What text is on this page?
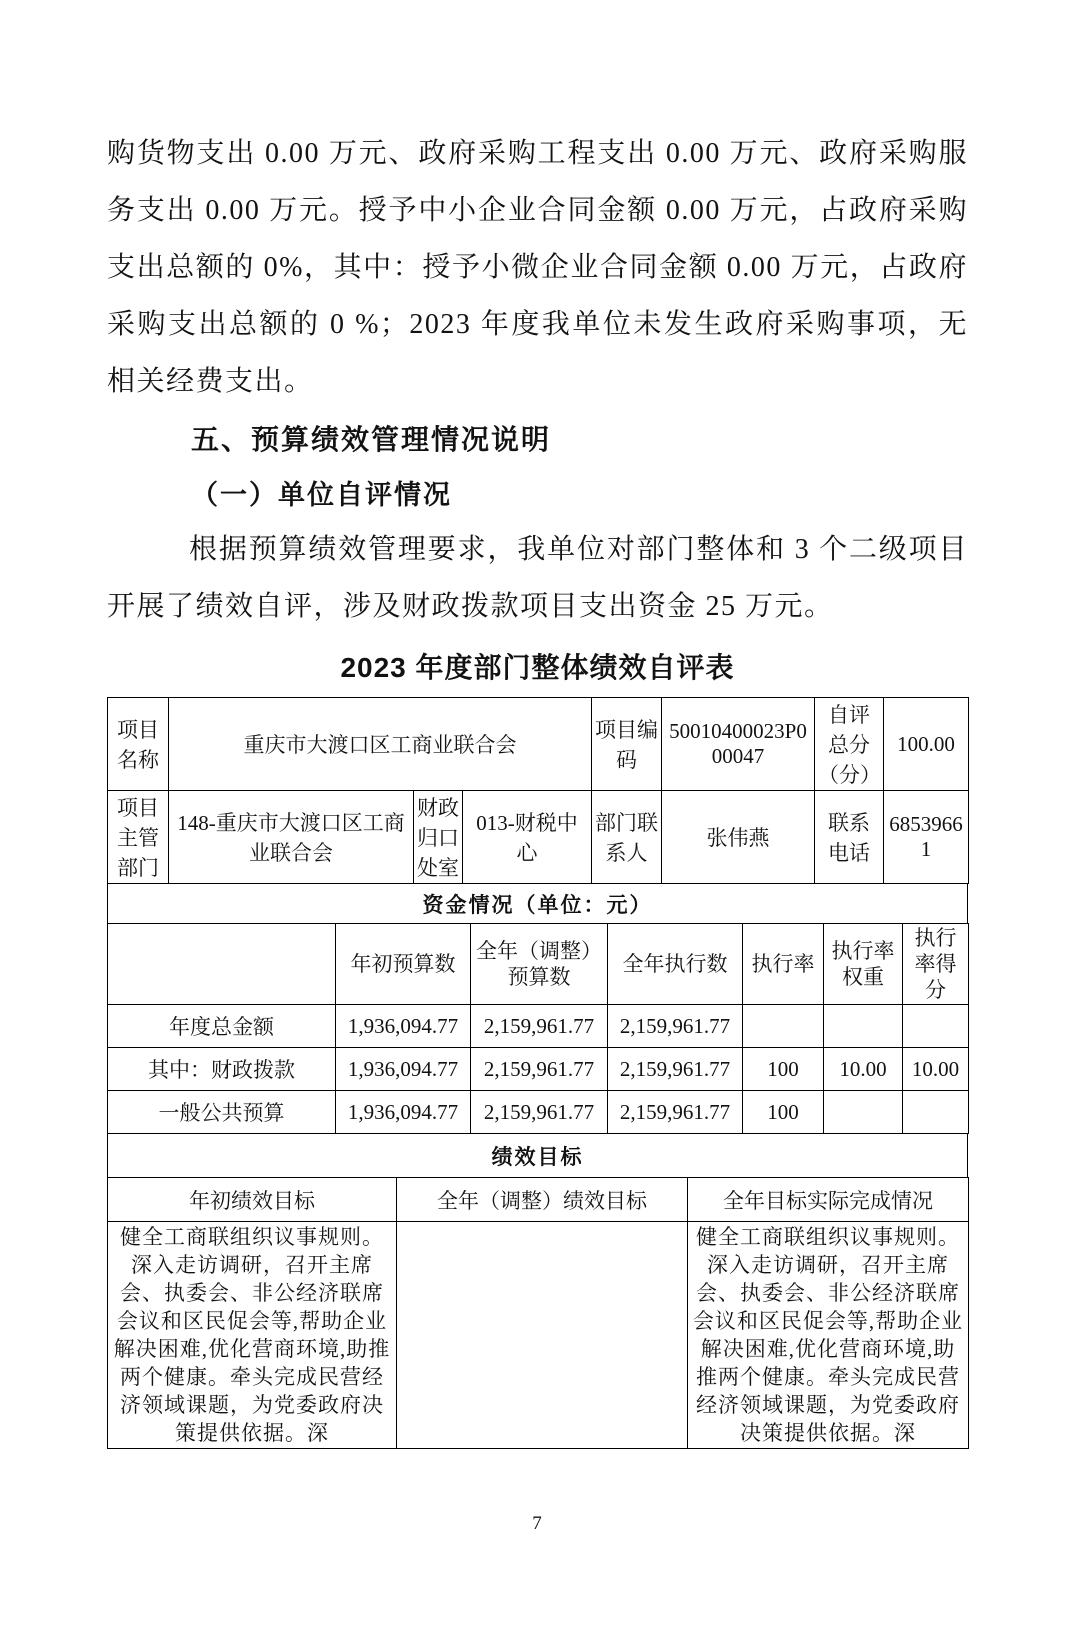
购货物支出 0.00 万元、政府采购工程支出 0.00 万元、政府采购服
务支出 0.00 万元。授予中小企业合同金额 0.00 万元，占政府采购
支出总额的 0%，其中：授予小微企业合同金额 0.00 万元，占政府
采购支出总额的 0 %；2023 年度我单位未发生政府采购事项，无
相关经费支出。
五、预算绩效管理情况说明
（一）单位自评情况
根据预算绩效管理要求，我单位对部门整体和 3 个二级项目
开展了绩效自评，涉及财政拨款项目支出资金 25 万元。
2023 年度部门整体绩效自评表
项目名称	重庆市大渡口区工商业联合会			项目编码	50010400023P000047	自评总分（分）	100.00
项目主管部门	148-重庆市大渡口区工商业联合会	财政归口处室	013-财税中心	部门联系人	张伟燕	联系电话	68539661
资金情况（单位：元）
	年初预算数	全年（调整）预算数	全年执行数	执行率	执行率权重	执行率得分
年度总金额	1,936,094.77	2,159,961.77	2,159,961.77			
其中：财政拨款	1,936,094.77	2,159,961.77	2,159,961.77	100	10.00	10.00
一般公共预算	1,936,094.77	2,159,961.77	2,159,961.77	100		
绩效目标
年初绩效目标	全年（调整）绩效目标	全年目标实际完成情况
健全工商联组织议事规则。深入走访调研，召开主席会、执委会、非公经济联席会议和区民促会等,帮助企业解决困难,优化营商环境,助推两个健康。牵头完成民营经济领域课题，为党委政府决策提供依据。深		健全工商联组织议事规则。深入走访调研，召开主席会、执委会、非公经济联席会议和区民促会等,帮助企业解决困难,优化营商环境,助推两个健康。牵头完成民营经济领域课题，为党委政府决策提供依据。深
7
